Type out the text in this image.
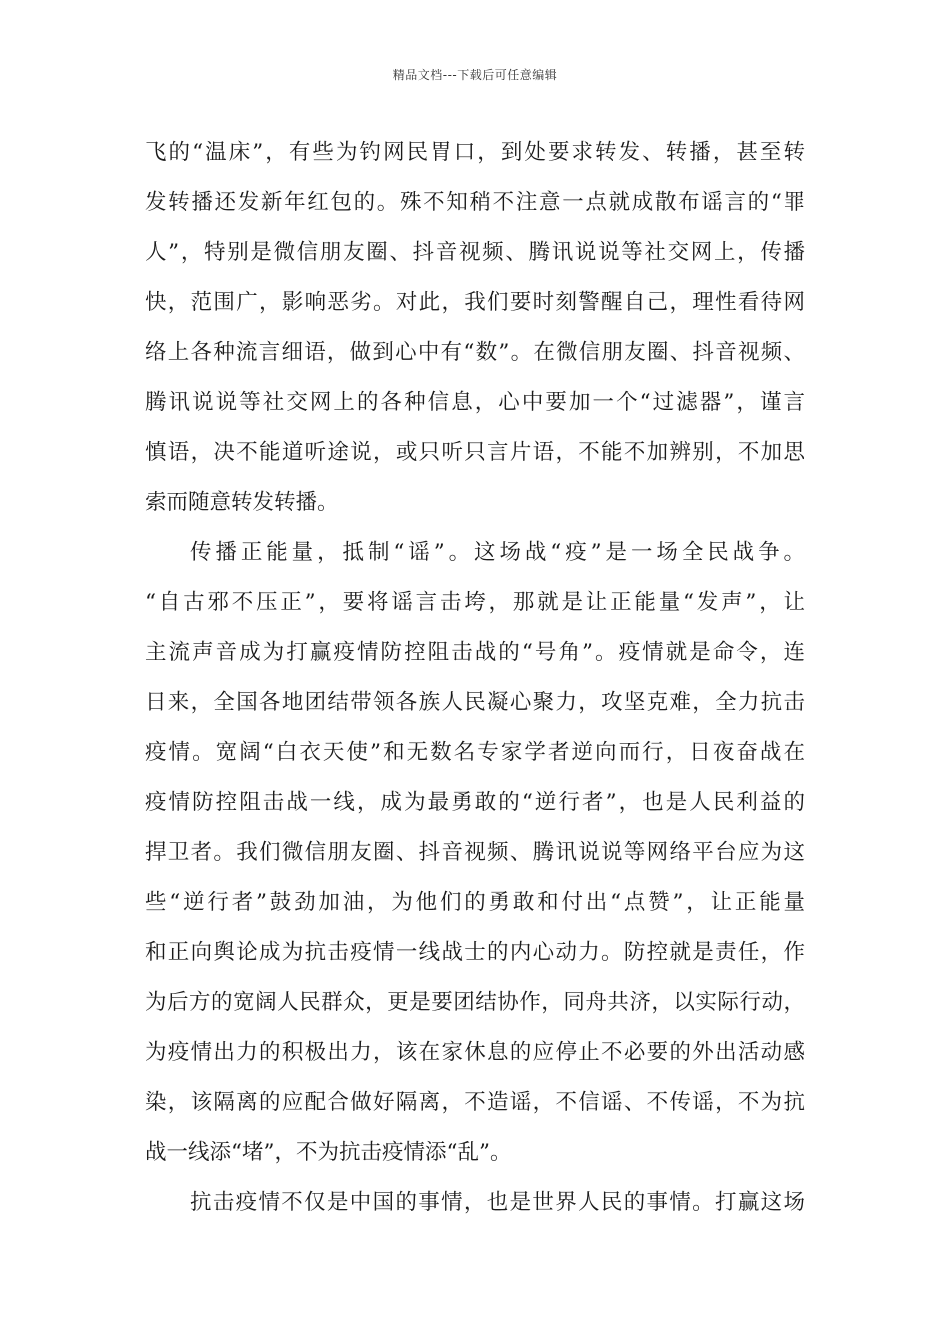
精品文档---下载后可任意编辑
飞的“温床”，有些为钓网民胃口，到处要求转发、转播，甚至转
发转播还发新年红包的。殊不知稍不注意一点就成散布谣言的“罪
人”，特别是微信朋友圈、抖音视频、腾讯说说等社交网上，传播
快，范围广，影响恶劣。对此，我们要时刻警醒自己，理性看待网
络上各种流言细语，做到心中有“数”。在微信朋友圈、抖音视频、
腾讯说说等社交网上的各种信息，心中要加一个“过滤器”，谨言
慎语，决不能道听途说，或只听只言片语，不能不加辨别，不加思
索而随意转发转播。
传播正能量，抵制“谣”。这场战“疫”是一场全民战争。
“自古邪不压正”，要将谣言击垮，那就是让正能量“发声”，让
主流声音成为打赢疫情防控阻击战的“号角”。疫情就是命令，连
日来，全国各地团结带领各族人民凝心聚力，攻坚克难，全力抗击
疫情。宽阔“白衣天使”和无数名专家学者逆向而行，日夜奋战在
疫情防控阻击战一线，成为最勇敢的“逆行者”，也是人民利益的
捍卫者。我们微信朋友圈、抖音视频、腾讯说说等网络平台应为这
些“逆行者”鼓劲加油，为他们的勇敢和付出“点赞”，让正能量
和正向舆论成为抗击疫情一线战士的内心动力。防控就是责任，作
为后方的宽阔人民群众，更是要团结协作，同舟共济，以实际行动，
为疫情出力的积极出力，该在家休息的应停止不必要的外出活动感
染，该隔离的应配合做好隔离，不造谣，不信谣、不传谣，不为抗
战一线添“堵”，不为抗击疫情添“乱”。
抗击疫情不仅是中国的事情，也是世界人民的事情。打赢这场
